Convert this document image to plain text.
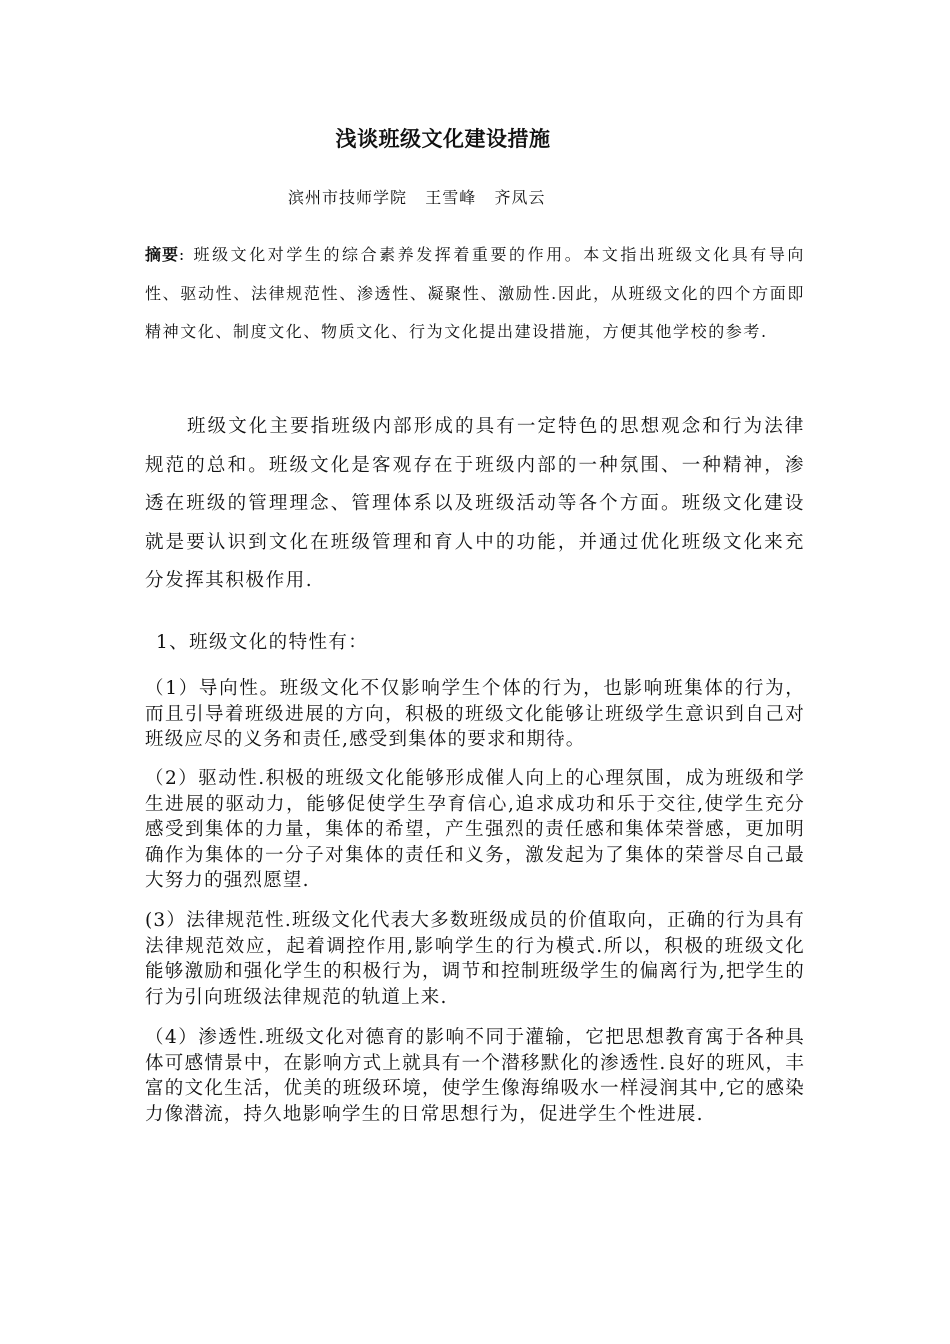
浅谈班级文化建设措施
滨州市技师学院   王雪峰   齐凤云
摘要: 班级文化对学生的综合素养发挥着重要的作用。本文指出班级文化具有导向性、驱动性、法律规范性、渗透性、凝聚性、激励性.因此，从班级文化的四个方面即精神文化、制度文化、物质文化、行为文化提出建设措施，方便其他学校的参考.
班级文化主要指班级内部形成的具有一定特色的思想观念和行为法律规范的总和。班级文化是客观存在于班级内部的一种氛围、一种精神，渗透在班级的管理理念、管理体系以及班级活动等各个方面。班级文化建设就是要认识到文化在班级管理和育人中的功能，并通过优化班级文化来充分发挥其积极作用.
1、班级文化的特性有：
（1）导向性。班级文化不仅影响学生个体的行为，也影响班集体的行为，而且引导着班级进展的方向，积极的班级文化能够让班级学生意识到自己对班级应尽的义务和责任,感受到集体的要求和期待。
（2）驱动性.积极的班级文化能够形成催人向上的心理氛围，成为班级和学生进展的驱动力，能够促使学生孕育信心,追求成功和乐于交往,使学生充分感受到集体的力量，集体的希望，产生强烈的责任感和集体荣誉感，更加明确作为集体的一分子对集体的责任和义务，激发起为了集体的荣誉尽自己最大努力的强烈愿望.
(3）法律规范性.班级文化代表大多数班级成员的价值取向，正确的行为具有法律规范效应，起着调控作用,影响学生的行为模式.所以，积极的班级文化能够激励和强化学生的积极行为，调节和控制班级学生的偏离行为,把学生的行为引向班级法律规范的轨道上来.
（4）渗透性.班级文化对德育的影响不同于灌输，它把思想教育寓于各种具体可感情景中，在影响方式上就具有一个潜移默化的渗透性.良好的班风，丰富的文化生活，优美的班级环境，使学生像海绵吸水一样浸润其中,它的感染力像潜流，持久地影响学生的日常思想行为，促进学生个性进展.
